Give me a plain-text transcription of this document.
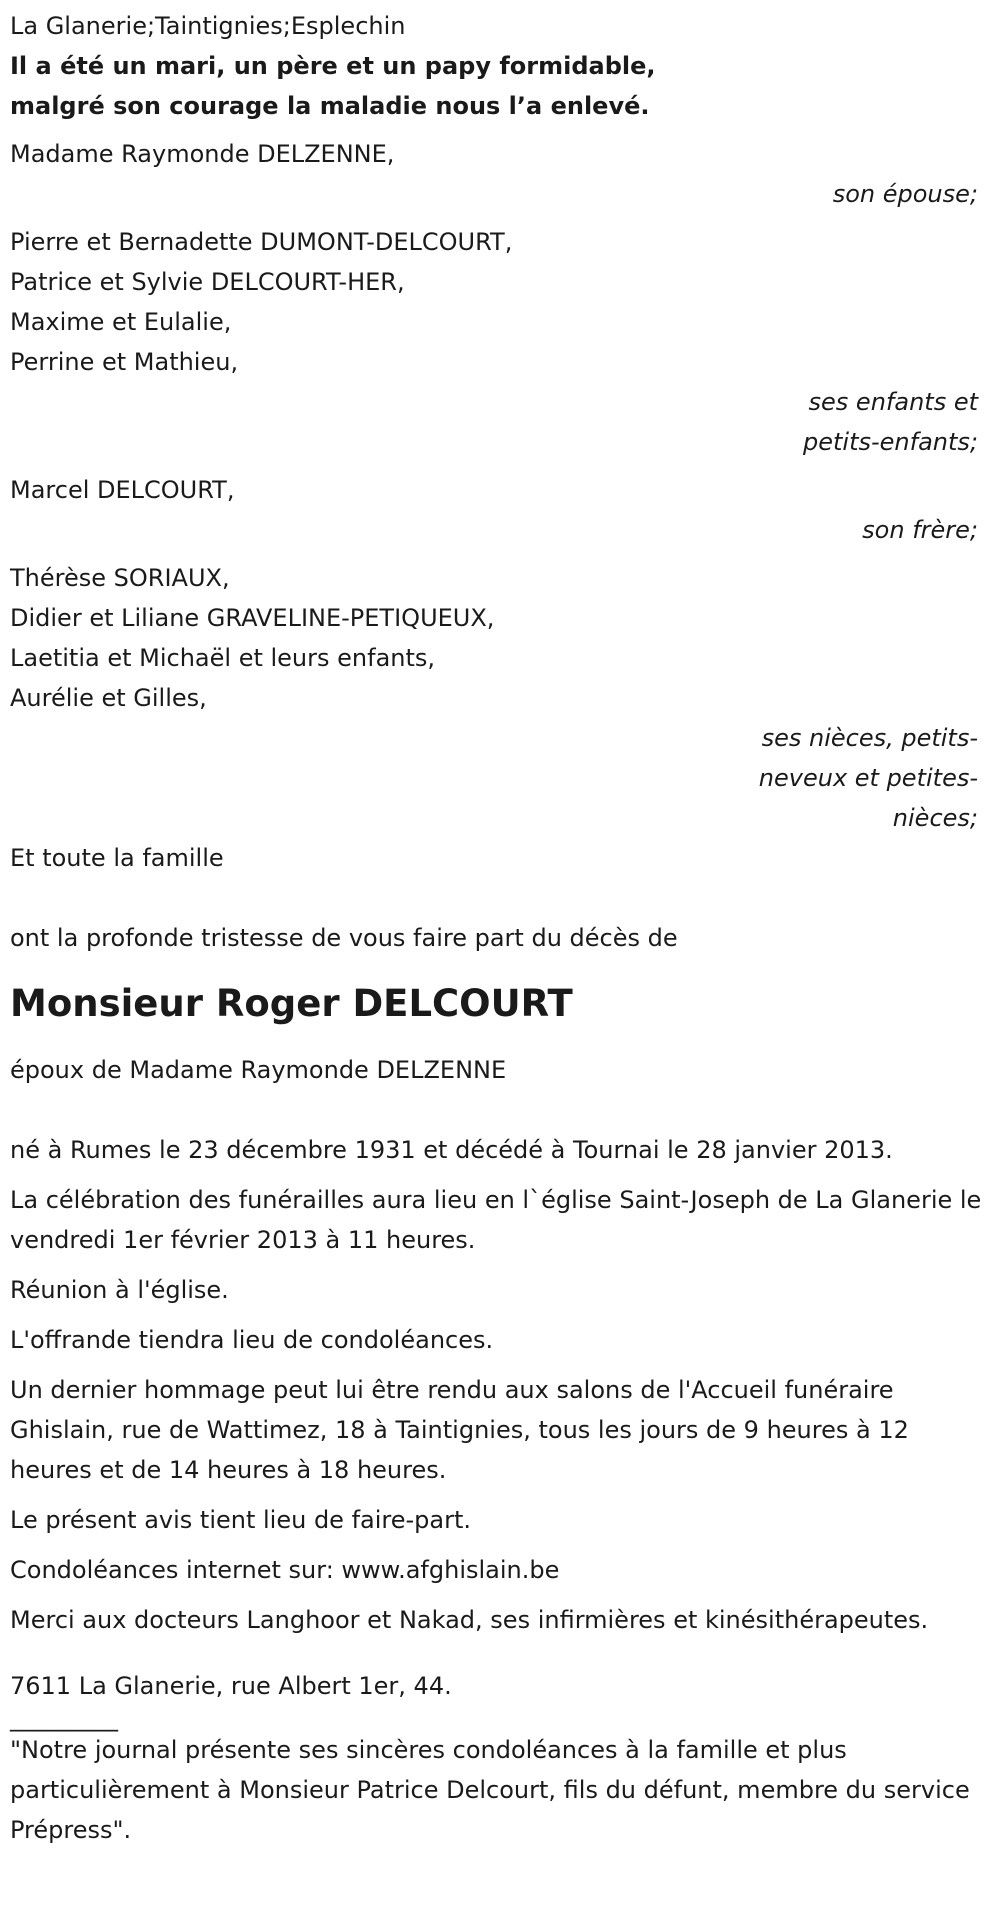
La Glanerie;Taintignies;Esplechin
Il a été un mari, un père et un papy formidable,
malgré son courage la maladie nous l’a enlevé.
Madame Raymonde DELZENNE,
son épouse;
Pierre et Bernadette DUMONT-DELCOURT,
Patrice et Sylvie DELCOURT-HER,
Maxime et Eulalie,
Perrine et Mathieu,
ses enfants et
petits-enfants;
Marcel DELCOURT,
son frère;
Thérèse SORIAUX,
Didier et Liliane GRAVELINE-PETIQUEUX,
Laetitia et Michaël et leurs enfants,
Aurélie et Gilles,
ses nièces, petits-
neveux et petites-
nièces;
Et toute la famille
ont la profonde tristesse de vous faire part du décès de
Monsieur Roger DELCOURT
époux de Madame Raymonde DELZENNE
né à Rumes le 23 décembre 1931 et décédé à Tournai le 28 janvier 2013.
La célébration des funérailles aura lieu en l`église Saint-Joseph de La Glanerie le vendredi 1er février 2013 à 11 heures.
Réunion à l'église.
L'offrande tiendra lieu de condoléances.
Un dernier hommage peut lui être rendu aux salons de l'Accueil funéraire Ghislain, rue de Wattimez, 18 à Taintignies, tous les jours de 9 heures à 12 heures et de 14 heures à 18 heures.
Le présent avis tient lieu de faire-part.
Condoléances internet sur: www.afghislain.be
Merci aux docteurs Langhoor et Nakad, ses infirmières et kinésithérapeutes.
7611 La Glanerie, rue Albert 1er, 44.
_________
"Notre journal présente ses sincères condoléances à la famille et plus particulièrement à Monsieur Patrice Delcourt, fils du défunt, membre du service Prépress".
